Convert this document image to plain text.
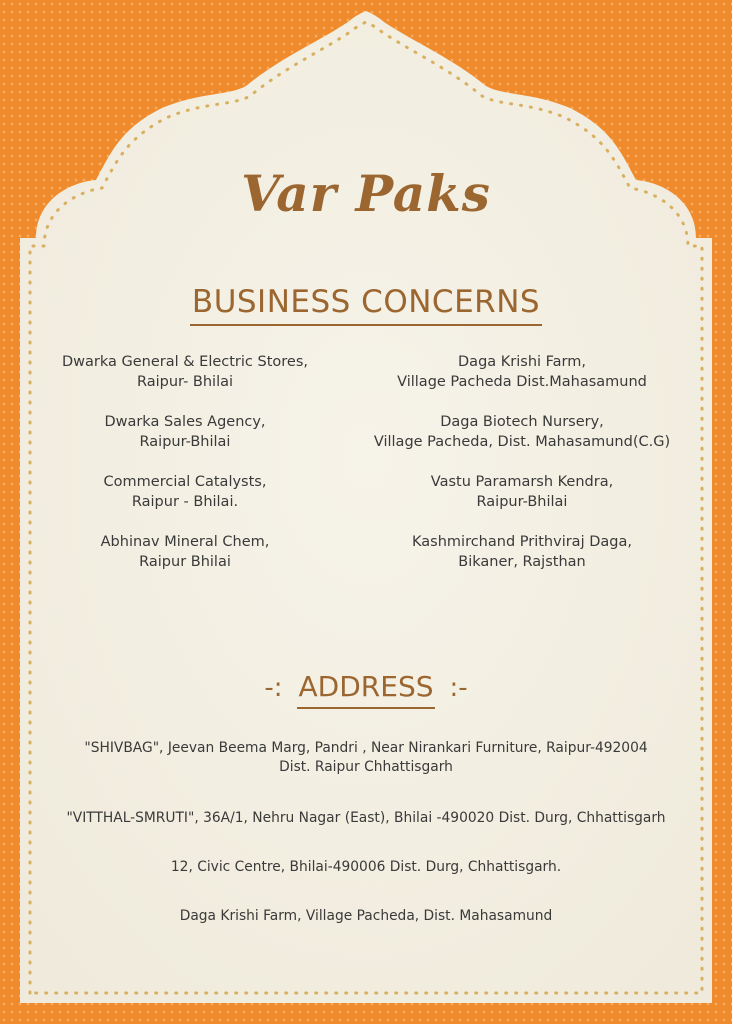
Var Paks
BUSINESS CONCERNS
Dwarka General & Electric Stores,
Raipur- Bhilai
Dwarka Sales Agency,
Raipur-Bhilai
Commercial Catalysts,
Raipur - Bhilai.
Abhinav Mineral Chem,
Raipur Bhilai
Daga Krishi Farm,
Village Pacheda Dist.Mahasamund
Daga Biotech Nursery,
Village Pacheda, Dist. Mahasamund(C.G)
Vastu Paramarsh Kendra,
Raipur-Bhilai
Kashmirchand Prithviraj Daga,
Bikaner, Rajsthan
-: ADDRESS :-

"SHIVBAG", Jeevan Beema Marg, Pandri , Near Nirankari Furniture, Raipur-492004
Dist. Raipur Chhattisgarh

"VITTHAL-SMRUTI", 36A/1, Nehru Nagar (East), Bhilai -490020 Dist. Durg, Chhattisgarh

12, Civic Centre, Bhilai-490006 Dist. Durg, Chhattisgarh.

Daga Krishi Farm, Village Pacheda, Dist. Mahasamund
